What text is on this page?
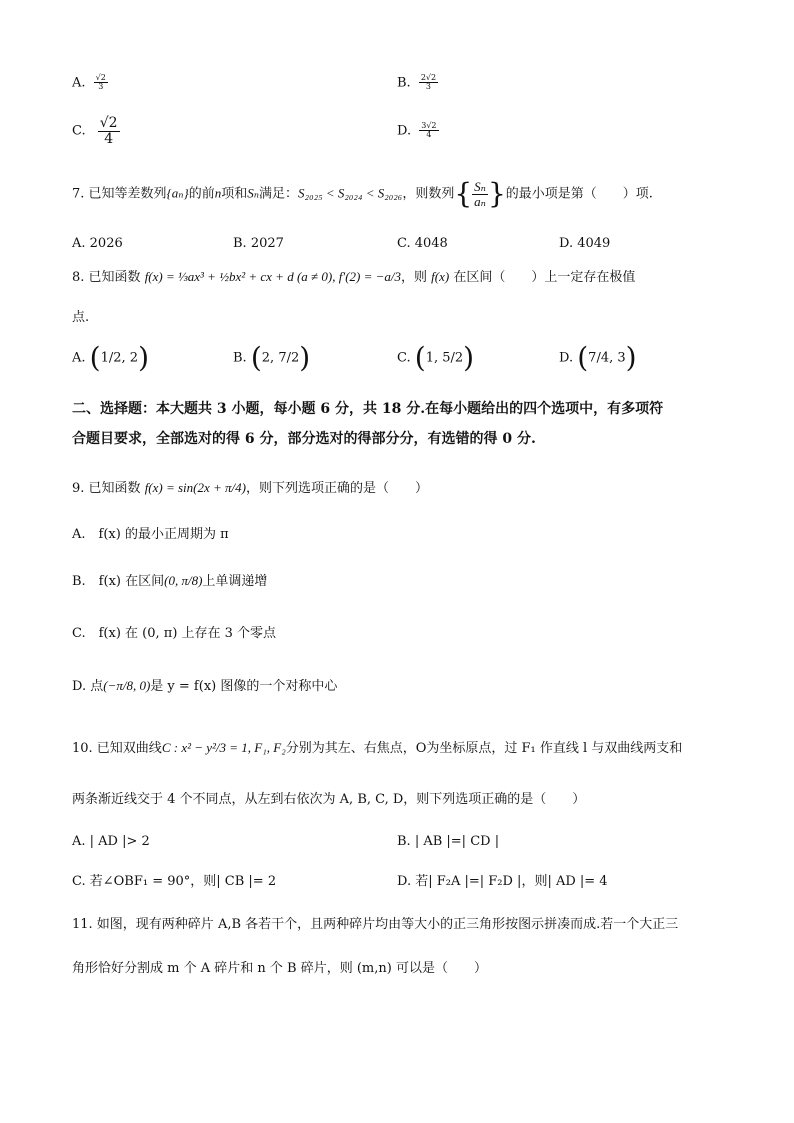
A. $\frac{√2}{3}$	B. $\frac{2√2}{3}$
C. $\frac{√2}{4}$	D. $\frac{3√2}{4}$
7. 已知等差数列{aₙ}的前n项和Sₙ满足：S₂₀₂₅ < S₂₀₂₄ < S₂₀₂₆，则数列{ $\frac{\text{Sₙ}}{\text{aₙ}}$ }的最小项是第（　　）项.
A. 2026	B. 2027	C. 4048	D. 4049
8. 已知函数 f(x) = ⅓ax³ + ½bx² + cx + d (a ≠ 0), f′(2) = −a/3，则 f(x) 在区间（　　）上一定存在极值
点.
A. (1/2, 2)	B. (2, 7/2)	C. (1, 5/2)	D. (7/4, 3)
二、选择题：本大题共 3 小题，每小题 6 分，共 18 分.在每小题给出的四个选项中，有多项符
合题目要求，全部选对的得 6 分，部分选对的得部分分，有选错的得 0 分.
9. 已知函数 f(x) = sin(2x + π/4)，则下列选项正确的是（　　）
A.　f(x) 的最小正周期为 π
B.　f(x) 在区间(0, π/8)上单调递增
C.　f(x) 在 (0, π) 上存在 3 个零点
D. 点(−π/8, 0)是 y = f(x) 图像的一个对称中心
10. 已知双曲线C : x² − y²/3 = 1, F₁, F₂分别为其左、右焦点，O为坐标原点，过 F₁ 作直线 l 与双曲线两支和
两条渐近线交于 4 个不同点，从左到右依次为 A, B, C, D，则下列选项正确的是（　　）
A. | AD |> 2	B. | AB |=| CD |
C. 若∠OBF₁ = 90°，则| CB |= 2	D. 若| F₂A |=| F₂D |，则| AD |= 4
11. 如图，现有两种碎片 A,B 各若干个，且两种碎片均由等大小的正三角形按图示拼凑而成.若一个大正三
角形恰好分割成 m 个 A 碎片和 n 个 B 碎片，则 (m,n) 可以是（　　）
